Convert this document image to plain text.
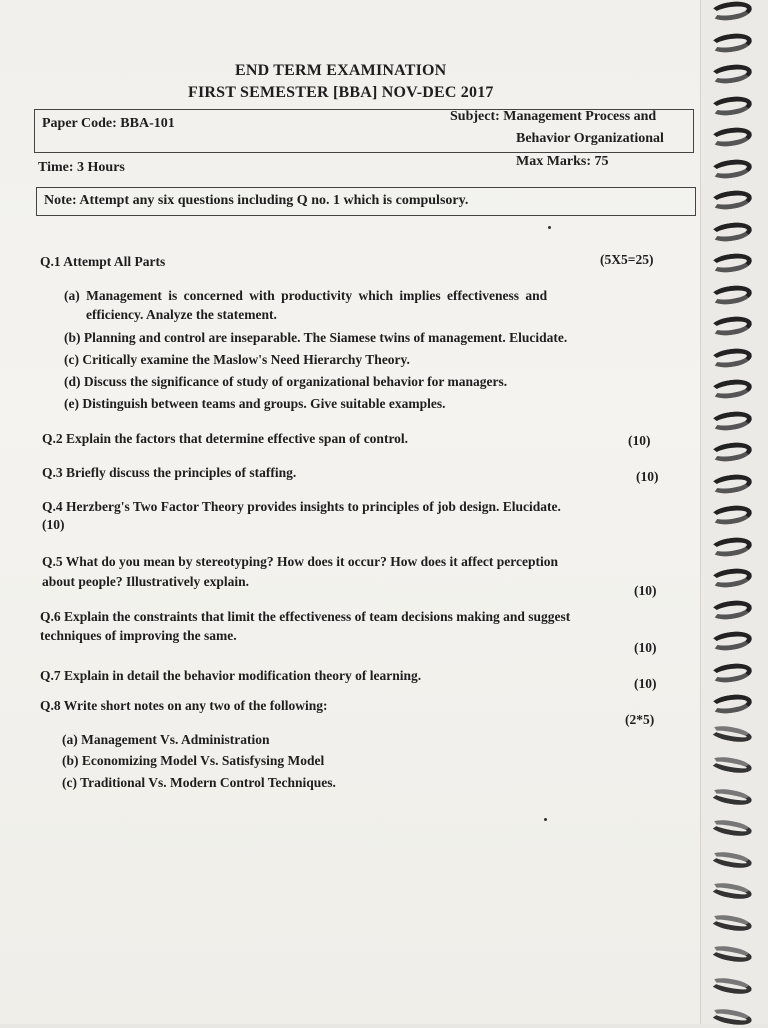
END TERM EXAMINATION
FIRST SEMESTER [BBA] NOV-DEC 2017
Paper Code: BBA-101	Subject: Management Process and
Behavior Organizational
Time: 3 Hours	Max Marks: 75
Note: Attempt any six questions including Q no. 1 which is compulsory.
Q.1 Attempt All Parts	(5X5=25)
(a) Management is concerned with productivity which implies effectiveness and
efficiency. Analyze the statement.
(b) Planning and control are inseparable. The Siamese twins of management. Elucidate.
(c) Critically examine the Maslow's Need Hierarchy Theory.
(d) Discuss the significance of study of organizational behavior for managers.
(e) Distinguish between teams and groups. Give suitable examples.
Q.2 Explain the factors that determine effective span of control.	(10)
Q.3 Briefly discuss the principles of staffing.	(10)
Q.4 Herzberg's Two Factor Theory provides insights to principles of job design. Elucidate.
(10)
Q.5 What do you mean by stereotyping? How does it occur? How does it affect perception
about people? Illustratively explain.
(10)
Q.6 Explain the constraints that limit the effectiveness of team decisions making and suggest
techniques of improving the same.
(10)
Q.7 Explain in detail the behavior modification theory of learning.
(10)
Q.8 Write short notes on any two of the following:
(2*5)
(a) Management Vs. Administration
(b) Economizing Model Vs. Satisfysing Model
(c) Traditional Vs. Modern Control Techniques.
